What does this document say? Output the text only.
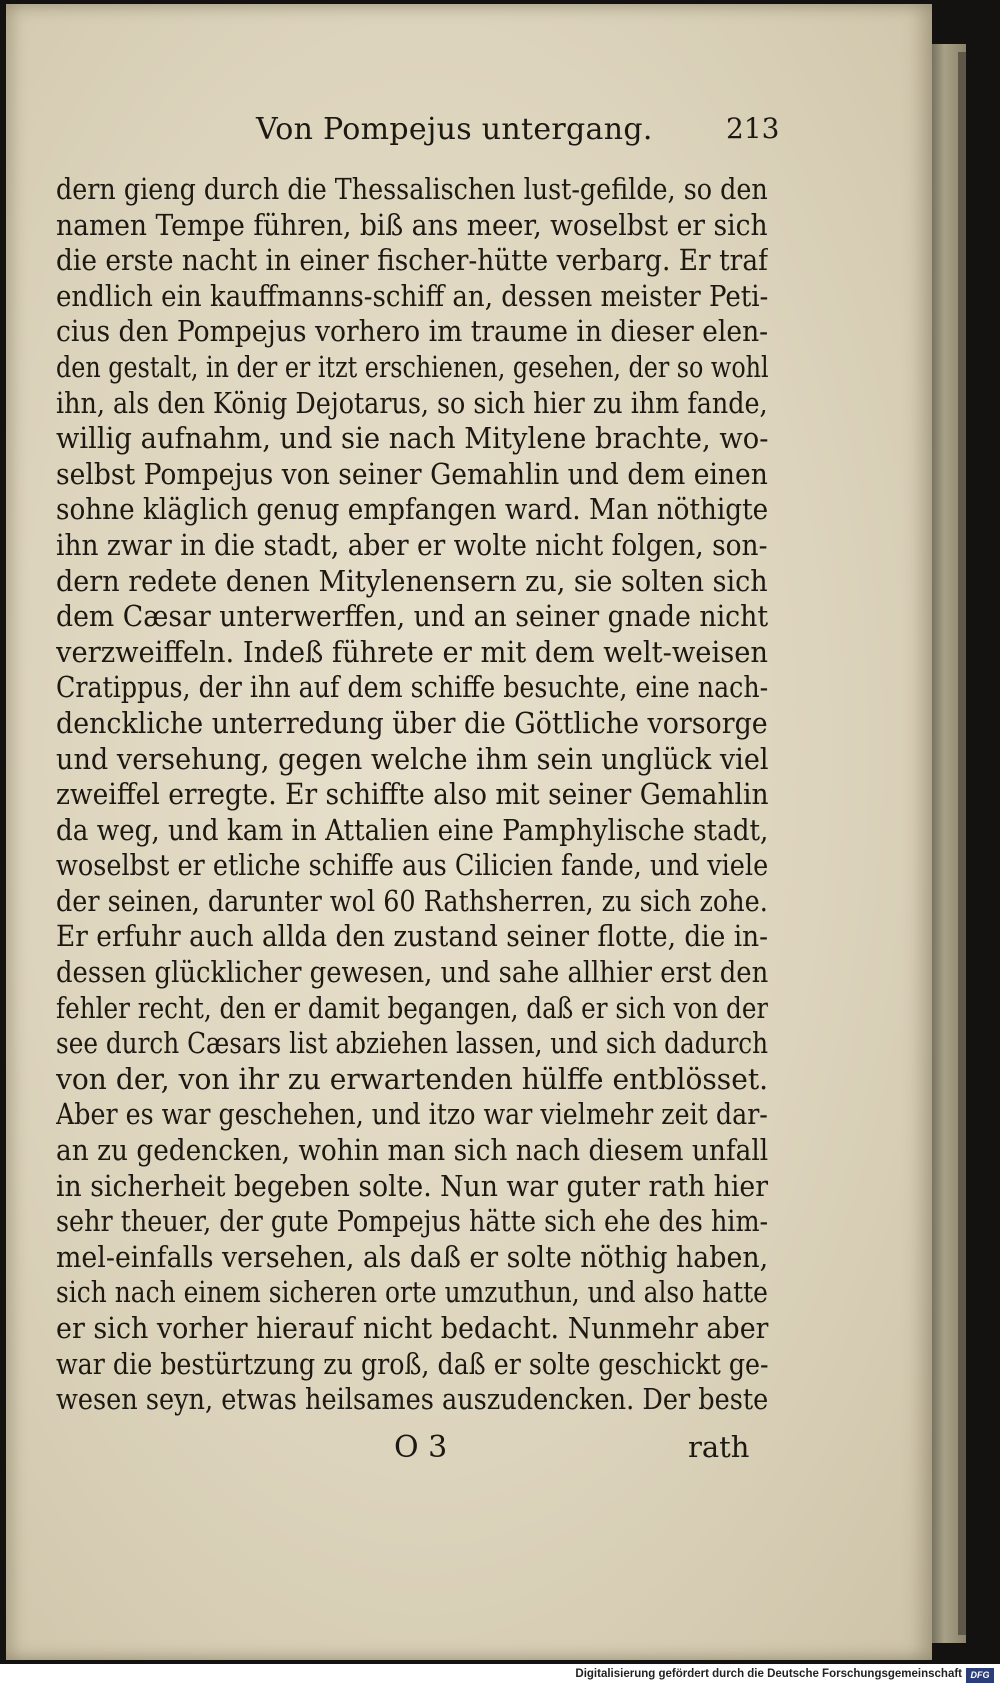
Von Pompejus untergang.	213
dern gieng durch die Thessalischen lust-gefilde, so den
namen Tempe führen, biß ans meer, woselbst er sich
die erste nacht in einer fischer-hütte verbarg. Er traf
endlich ein kauffmanns-schiff an, dessen meister Peti-
cius den Pompejus vorhero im traume in dieser elen-
den gestalt, in der er itzt erschienen, gesehen, der so wohl
ihn, als den König Dejotarus, so sich hier zu ihm fande,
willig aufnahm, und sie nach Mitylene brachte, wo-
selbst Pompejus von seiner Gemahlin und dem einen
sohne kläglich genug empfangen ward. Man nöthigte
ihn zwar in die stadt, aber er wolte nicht folgen, son-
dern redete denen Mitylenensern zu, sie solten sich
dem Cæsar unterwerffen, und an seiner gnade nicht
verzweiffeln. Indeß führete er mit dem welt-weisen
Cratippus, der ihn auf dem schiffe besuchte, eine nach-
denckliche unterredung über die Göttliche vorsorge
und versehung, gegen welche ihm sein unglück viel
zweiffel erregte. Er schiffte also mit seiner Gemahlin
da weg, und kam in Attalien eine Pamphylische stadt,
woselbst er etliche schiffe aus Cilicien fande, und viele
der seinen, darunter wol 60 Rathsherren, zu sich zohe.
Er erfuhr auch allda den zustand seiner flotte, die in-
dessen glücklicher gewesen, und sahe allhier erst den
fehler recht, den er damit begangen, daß er sich von der
see durch Cæsars list abziehen lassen, und sich dadurch
von der, von ihr zu erwartenden hülffe entblösset.
Aber es war geschehen, und itzo war vielmehr zeit dar-
an zu gedencken, wohin man sich nach diesem unfall
in sicherheit begeben solte. Nun war guter rath hier
sehr theuer, der gute Pompejus hätte sich ehe des him-
mel-einfalls versehen, als daß er solte nöthig haben,
sich nach einem sicheren orte umzuthun, und also hatte
er sich vorher hierauf nicht bedacht. Nunmehr aber
war die bestürtzung zu groß, daß er solte geschickt ge-
wesen seyn, etwas heilsames auszudencken. Der beste
O 3	rath
Digitalisierung gefördert durch die Deutsche Forschungsgemeinschaft DFG
